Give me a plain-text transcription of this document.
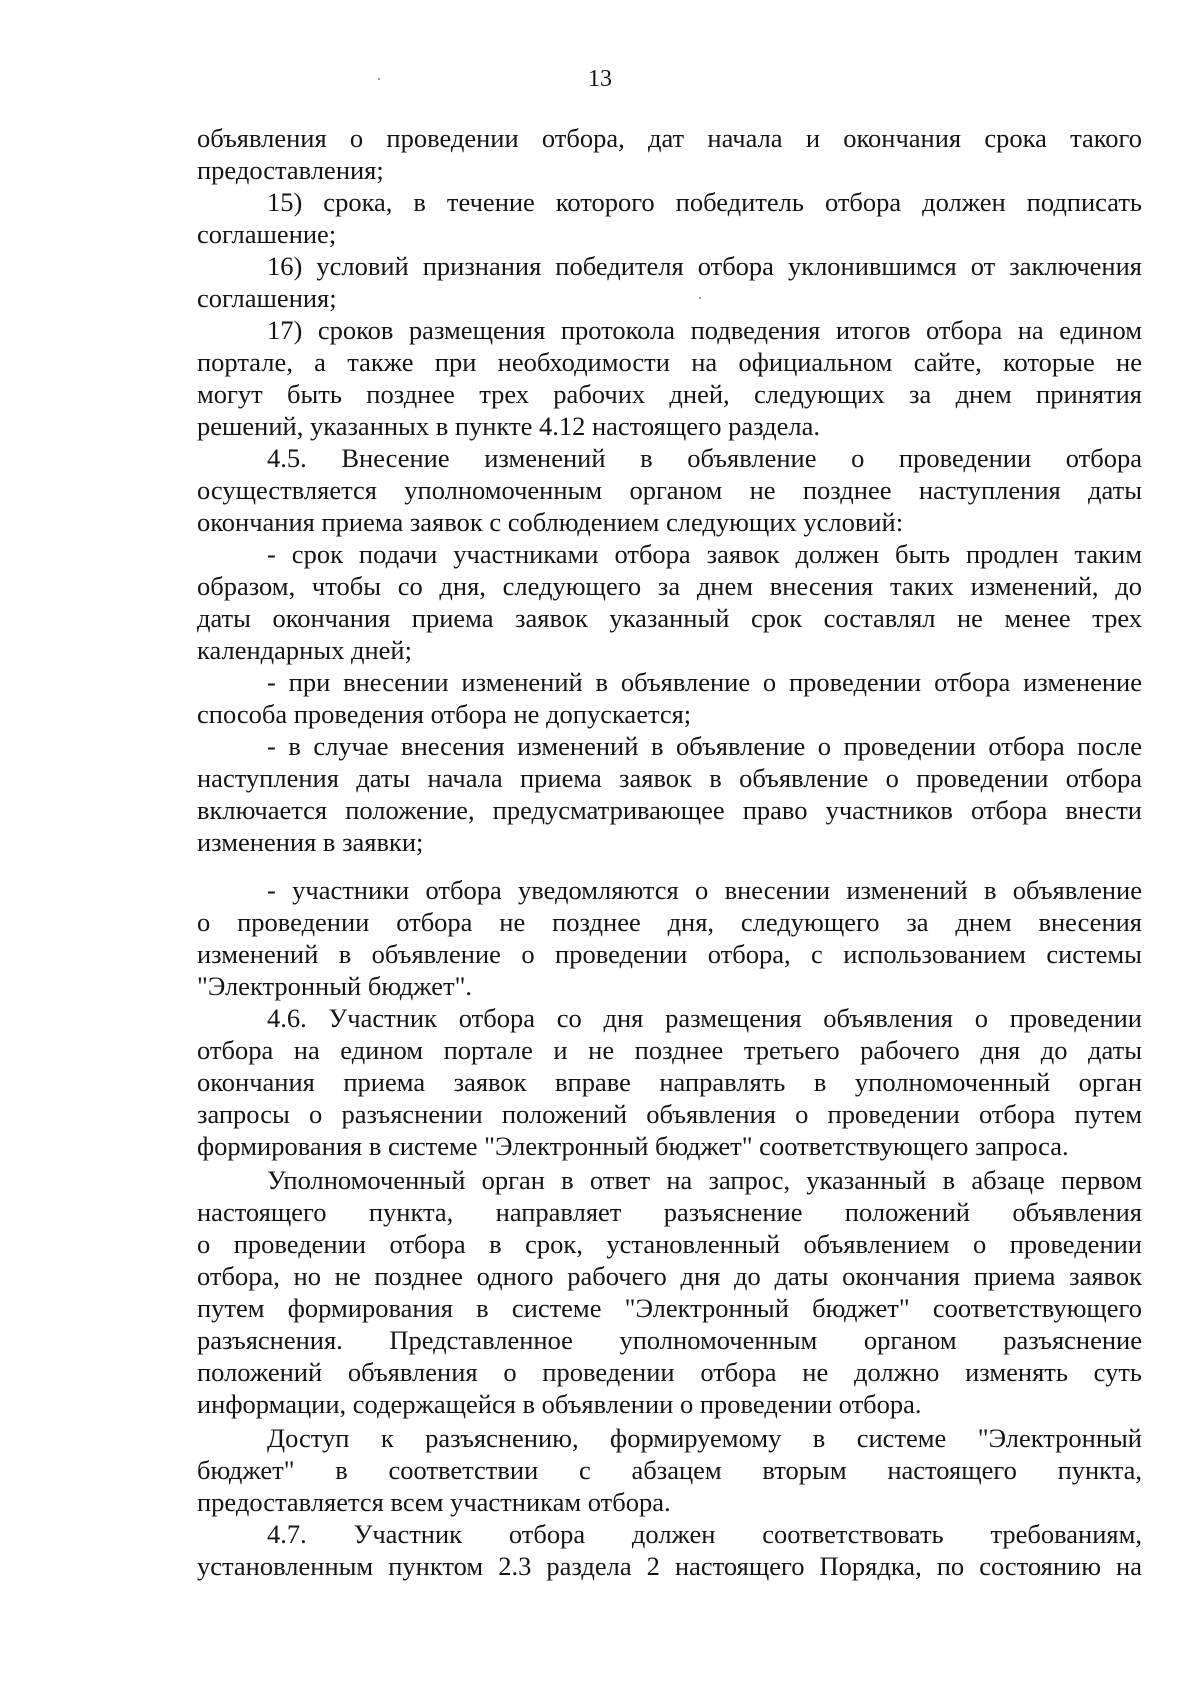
13
объявления о проведении отбора, дат начала и окончания срока такого
предоставления;
15) срока, в течение которого победитель отбора должен подписать
соглашение;
16) условий признания победителя отбора уклонившимся от заключения
соглашения;
17) сроков размещения протокола подведения итогов отбора на едином
портале, а также при необходимости на официальном сайте, которые не
могут быть позднее трех рабочих дней, следующих за днем принятия
решений, указанных в пункте 4.12 настоящего раздела.
4.5. Внесение изменений в объявление о проведении отбора
осуществляется уполномоченным органом не позднее наступления даты
окончания приема заявок с соблюдением следующих условий:
- срок подачи участниками отбора заявок должен быть продлен таким
образом, чтобы со дня, следующего за днем внесения таких изменений, до
даты окончания приема заявок указанный срок составлял не менее трех
календарных дней;
- при внесении изменений в объявление о проведении отбора изменение
способа проведения отбора не допускается;
- в случае внесения изменений в объявление о проведении отбора после
наступления даты начала приема заявок в объявление о проведении отбора
включается положение, предусматривающее право участников отбора внести
изменения в заявки;
- участники отбора уведомляются о внесении изменений в объявление
о проведении отбора не позднее дня, следующего за днем внесения
изменений в объявление о проведении отбора, с использованием системы
"Электронный бюджет".
4.6. Участник отбора со дня размещения объявления о проведении
отбора на едином портале и не позднее третьего рабочего дня до даты
окончания приема заявок вправе направлять в уполномоченный орган
запросы о разъяснении положений объявления о проведении отбора путем
формирования в системе "Электронный бюджет" соответствующего запроса.
Уполномоченный орган в ответ на запрос, указанный в абзаце первом
настоящего пункта, направляет разъяснение положений объявления
о проведении отбора в срок, установленный объявлением о проведении
отбора, но не позднее одного рабочего дня до даты окончания приема заявок
путем формирования в системе "Электронный бюджет" соответствующего
разъяснения. Представленное уполномоченным органом разъяснение
положений объявления о проведении отбора не должно изменять суть
информации, содержащейся в объявлении о проведении отбора.
Доступ к разъяснению, формируемому в системе "Электронный
бюджет" в соответствии с абзацем вторым настоящего пункта,
предоставляется всем участникам отбора.
4.7. Участник отбора должен соответствовать требованиям,
установленным пунктом 2.3 раздела 2 настоящего Порядка, по состоянию на
